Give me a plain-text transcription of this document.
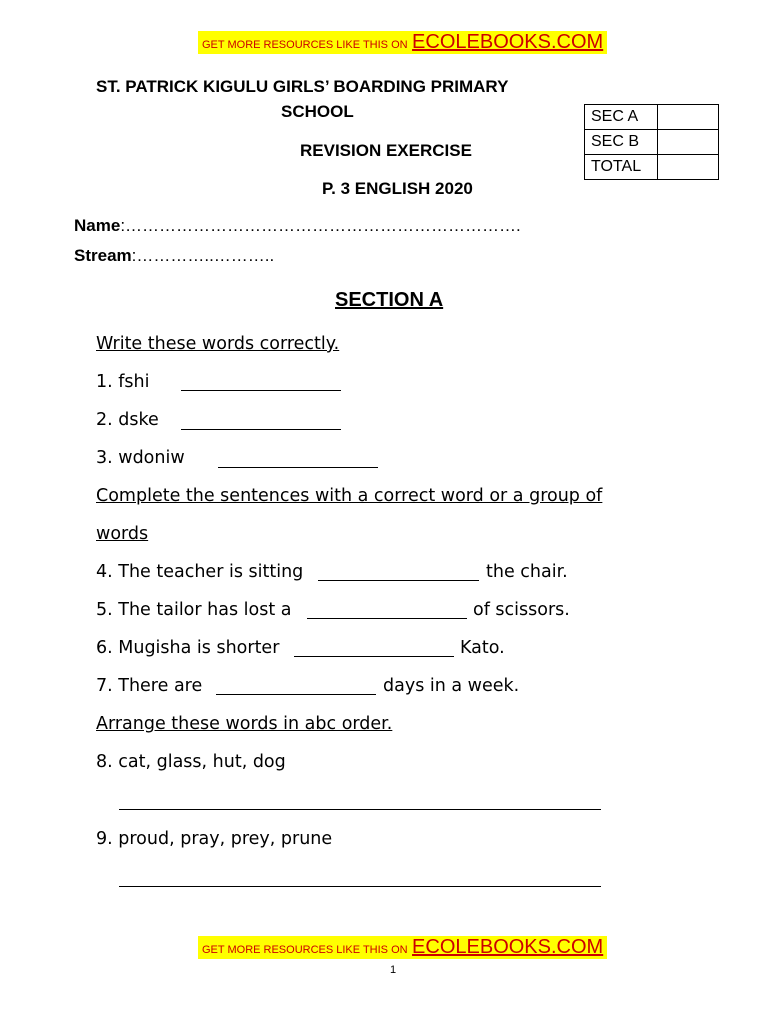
GET MORE RESOURCES LIKE THIS ON ECOLEBOOKS.COM
ST. PATRICK KIGULU GIRLS’ BOARDING PRIMARY
SCHOOL
REVISION EXERCISE
P. 3 ENGLISH 2020
SEC A	
SEC B	
TOTAL	
Name:…………………………………………………………….
Stream:…………..………..
SECTION A
Write these words correctly.
1. fshi
2. dske
3. wdoniw
Complete the sentences with a correct word or a group of
words
4. The teacher is sitting	the chair.
5. The tailor has lost a	of scissors.
6. Mugisha is shorter	Kato.
7. There are	days in a week.
Arrange these words in abc order.
8. cat, glass, hut, dog
9. proud, pray, prey, prune
GET MORE RESOURCES LIKE THIS ON ECOLEBOOKS.COM
1
